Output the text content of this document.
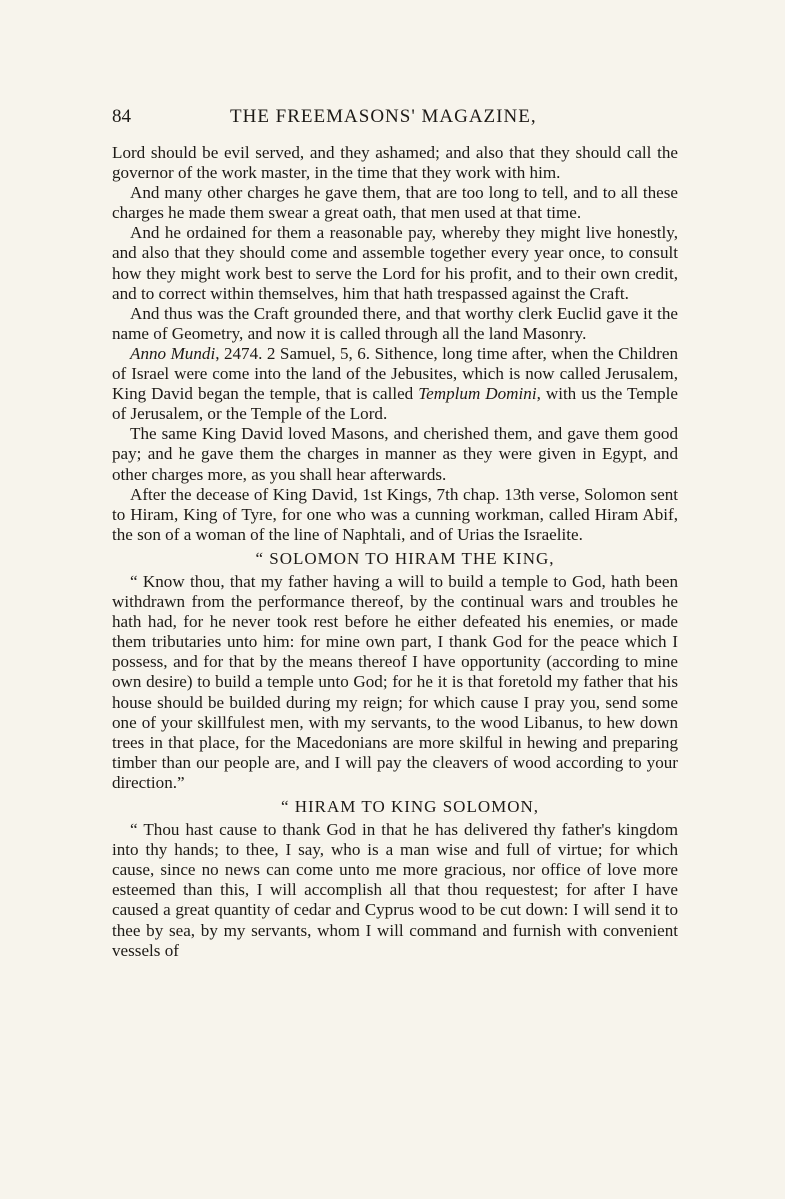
84	THE FREEMASONS' MAGAZINE,

Lord should be evil served, and they ashamed; and also that they should call the governor of the work master, in the time that they work with him.

And many other charges he gave them, that are too long to tell, and to all these charges he made them swear a great oath, that men used at that time.

And he ordained for them a reasonable pay, whereby they might live honestly, and also that they should come and assemble together every year once, to consult how they might work best to serve the Lord for his profit, and to their own credit, and to correct within themselves, him that hath trespassed against the Craft.

And thus was the Craft grounded there, and that worthy clerk Euclid gave it the name of Geometry, and now it is called through all the land Masonry.

Anno Mundi, 2474. 2 Samuel, 5, 6. Sithence, long time after, when the Children of Israel were come into the land of the Jebusites, which is now called Jerusalem, King David began the temple, that is called Templum Domini, with us the Temple of Jerusalem, or the Temple of the Lord.

The same King David loved Masons, and cherished them, and gave them good pay; and he gave them the charges in manner as they were given in Egypt, and other charges more, as you shall hear afterwards.

After the decease of King David, 1st Kings, 7th chap. 13th verse, Solomon sent to Hiram, King of Tyre, for one who was a cunning workman, called Hiram Abif, the son of a woman of the line of Naphtali, and of Urias the Israelite.

“ SOLOMON TO HIRAM THE KING,

“ Know thou, that my father having a will to build a temple to God, hath been withdrawn from the performance thereof, by the continual wars and troubles he hath had, for he never took rest before he either defeated his enemies, or made them tributaries unto him: for mine own part, I thank God for the peace which I possess, and for that by the means thereof I have opportunity (according to mine own desire) to build a temple unto God; for he it is that foretold my father that his house should be builded during my reign; for which cause I pray you, send some one of your skillfulest men, with my servants, to the wood Libanus, to hew down trees in that place, for the Macedonians are more skilful in hewing and preparing timber than our people are, and I will pay the cleavers of wood according to your direction.”

“ HIRAM TO KING SOLOMON,

“ Thou hast cause to thank God in that he has delivered thy father's kingdom into thy hands; to thee, I say, who is a man wise and full of virtue; for which cause, since no news can come unto me more gracious, nor office of love more esteemed than this, I will accomplish all that thou requestest; for after I have caused a great quantity of cedar and Cyprus wood to be cut down: I will send it to thee by sea, by my servants, whom I will command and furnish with convenient vessels of
